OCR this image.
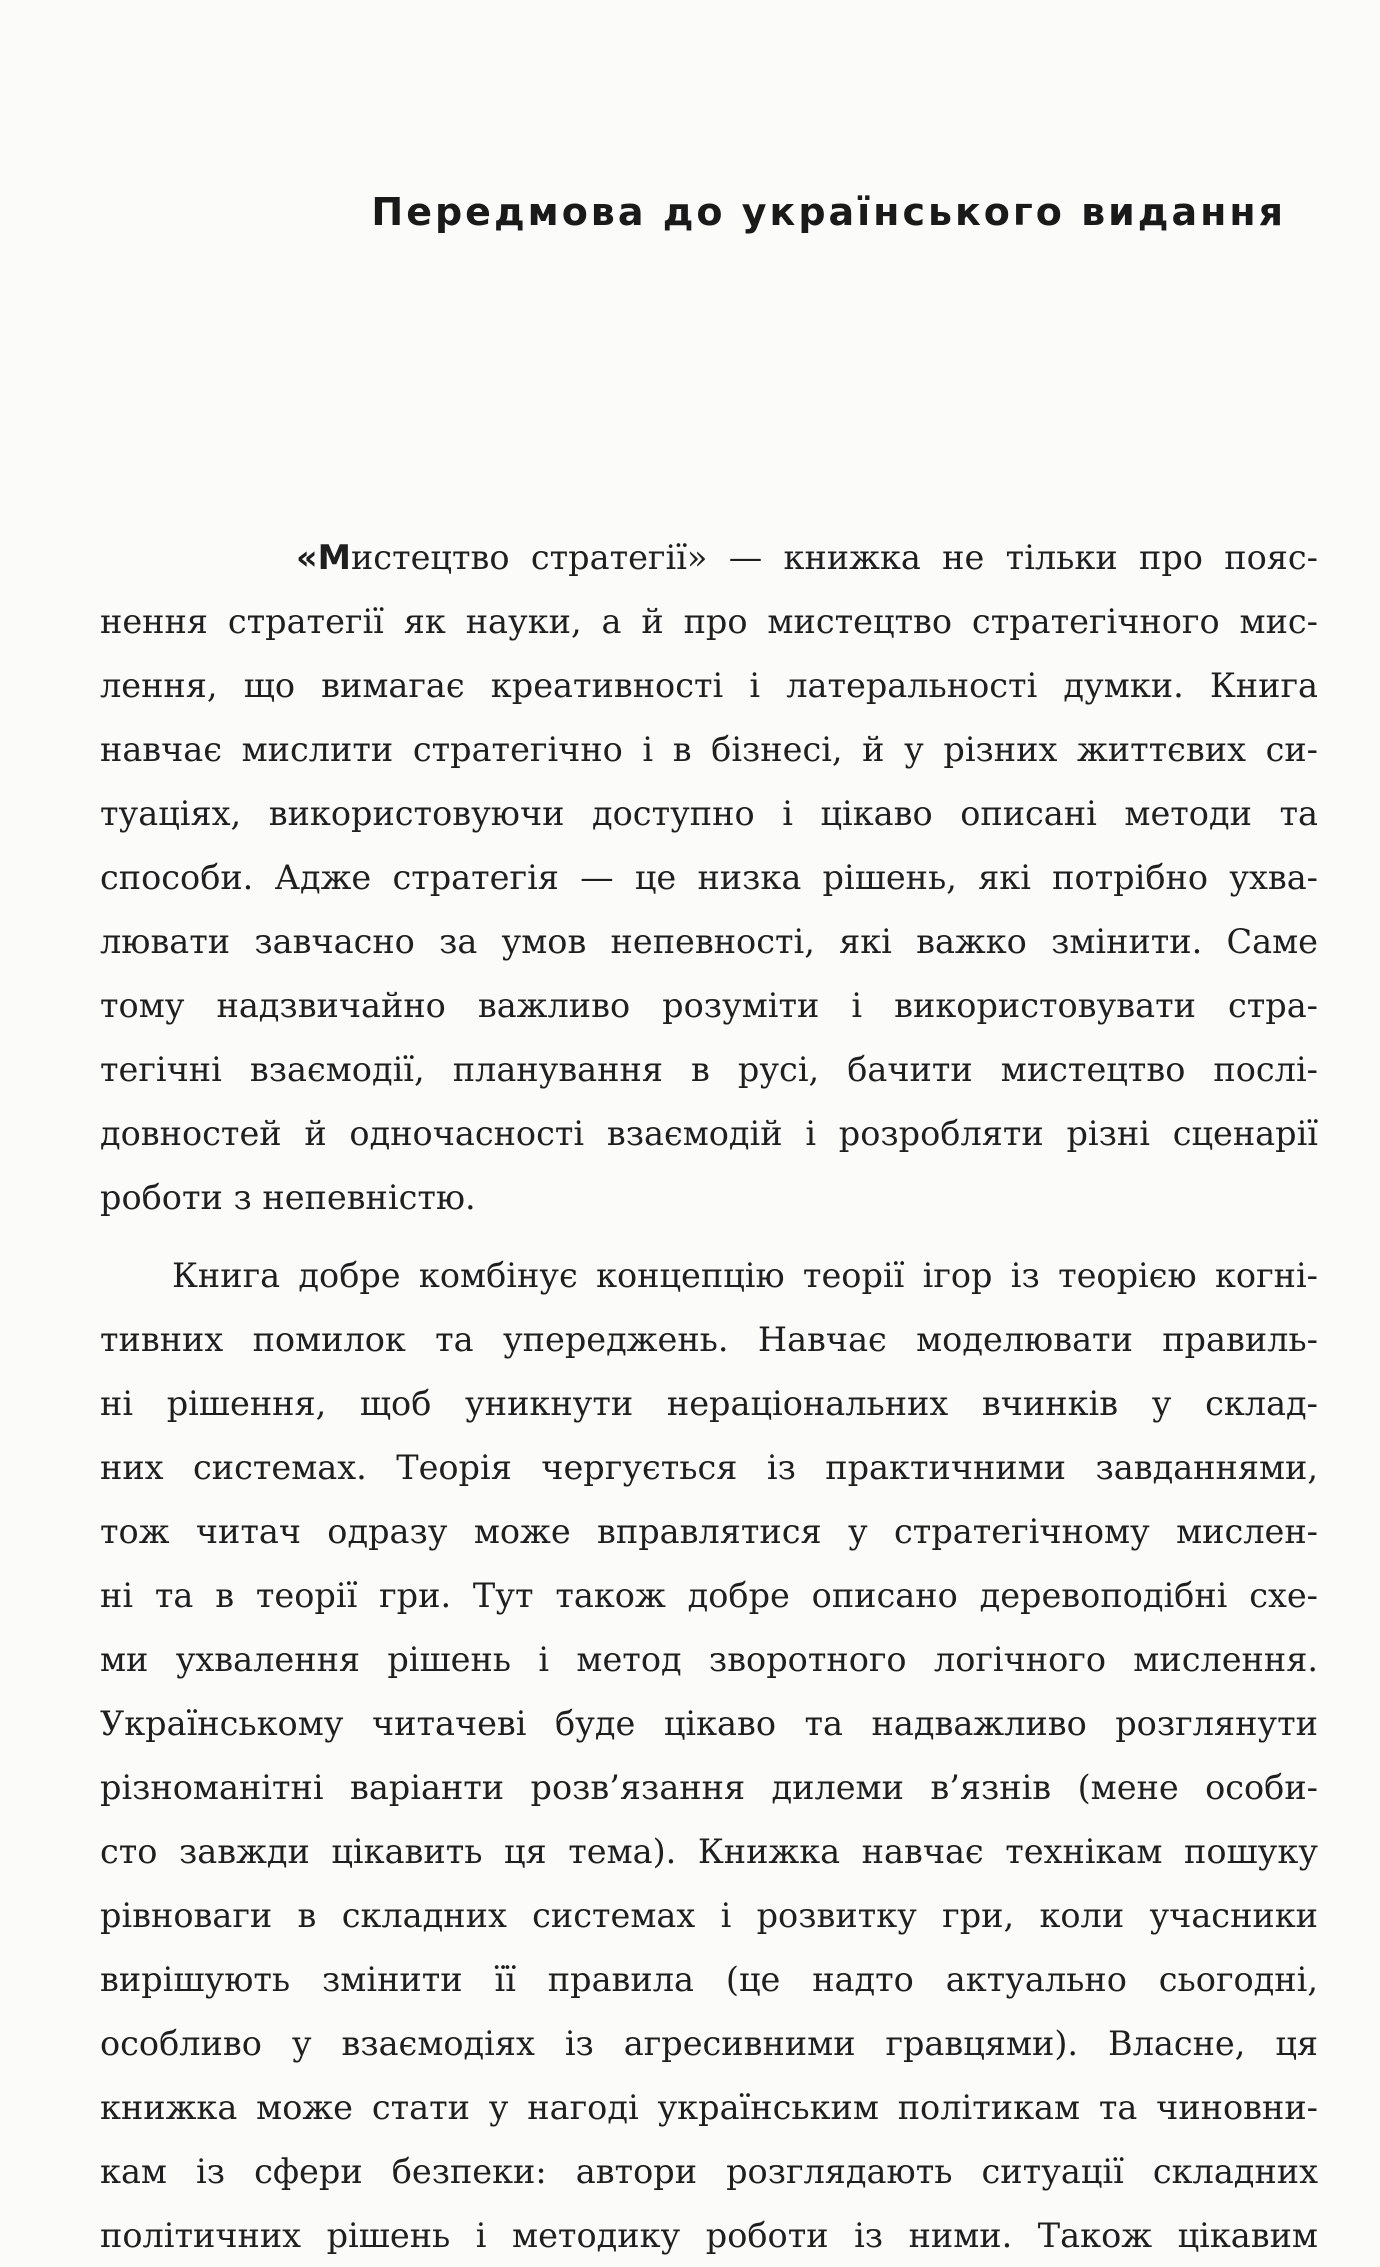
Передмова до українського видання
«Мистецтво стратегії» — книжка не тільки про пояс-
нення стратегії як науки, а й про мистецтво стратегічного мис-
лення, що вимагає креативності і латеральності думки. Книга
навчає мислити стратегічно і в бізнесі, й у різних життєвих си-
туаціях, використовуючи доступно і цікаво описані методи та
способи. Адже стратегія — це низка рішень, які потрібно ухва-
лювати завчасно за умов непевності, які важко змінити. Саме
тому надзвичайно важливо розуміти і використовувати стра-
тегічні взаємодії, планування в русі, бачити мистецтво послі-
довностей й одночасності взаємодій і розробляти різні сценарії
роботи з непевністю.
Книга добре комбінує концепцію теорії ігор із теорією когні-
тивних помилок та упереджень. Навчає моделювати правиль-
ні рішення, щоб уникнути нераціональних вчинків у склад-
них системах. Теорія чергується із практичними завданнями,
тож читач одразу може вправлятися у стратегічному мислен-
ні та в теорії гри. Тут також добре описано деревоподібні схе-
ми ухвалення рішень і метод зворотного логічного мислення.
Українському читачеві буде цікаво та надважливо розглянути
різноманітні варіанти розв’язання дилеми в’язнів (мене особи-
сто завжди цікавить ця тема). Книжка навчає технікам пошуку
рівноваги в складних системах і розвитку гри, коли учасники
вирішують змінити її правила (це надто актуально сьогодні,
особливо у взаємодіях із агресивними гравцями). Власне, ця
книжка може стати у нагоді українським політикам та чиновни-
кам із сфери безпеки: автори розглядають ситуації складних
політичних рішень і методику роботи із ними. Також цікавим
